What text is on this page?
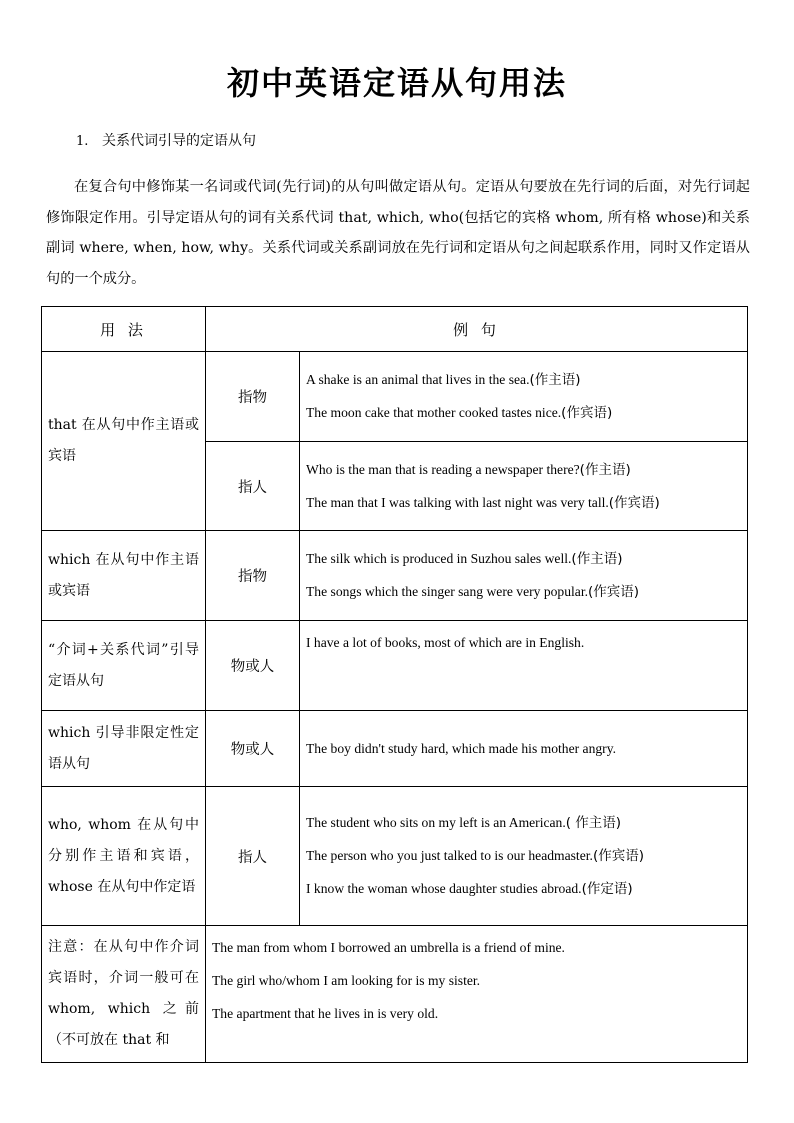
初中英语定语从句用法
1. 关系代词引导的定语从句
在复合句中修饰某一名词或代词(先行词)的从句叫做定语从句。定语从句要放在先行词的后面，对先行词起修饰限定作用。引导定语从句的词有关系代词 that, which, who(包括它的宾格 whom, 所有格 whose)和关系副词 where, when, how, why。关系代词或关系副词放在先行词和定语从句之间起联系作用，同时又作定语从句的一个成分。
用 法	例 句	
that 在从句中作主语或宾语	指物	A shake is an animal that lives in the sea.(作主语)
The moon cake that mother cooked tastes nice.(作宾语)

	指人	Who is the man that is reading a newspaper there?(作主语)
The man that I was talking with last night was very tall.(作宾语)

which 在从句中作主语或宾语	指物	The silk which is produced in Suzhou sales well.(作主语)
The songs which the singer sang were very popular.(作宾语)

“介词+关系代词”引导定语从句	物或人	I have a lot of books, most of which are in English.

which 引导非限定性定语从句	物或人	The boy didn't study hard, which made his mother angry.

who, whom 在从句中分别作主语和宾语，whose 在从句中作定语	指人	The student who sits on my left is an American.( 作主语)
The person who you just talked to is our headmaster.(作宾语)
I know the woman whose daughter studies abroad.(作定语)

注意：在从句中作介词宾语时，介词一般可在 whom, which 之前（不可放在 that 和	The man from whom I borrowed an umbrella is a friend of mine.
The girl who/whom I am looking for is my sister.
The apartment that he lives in is very old.	
